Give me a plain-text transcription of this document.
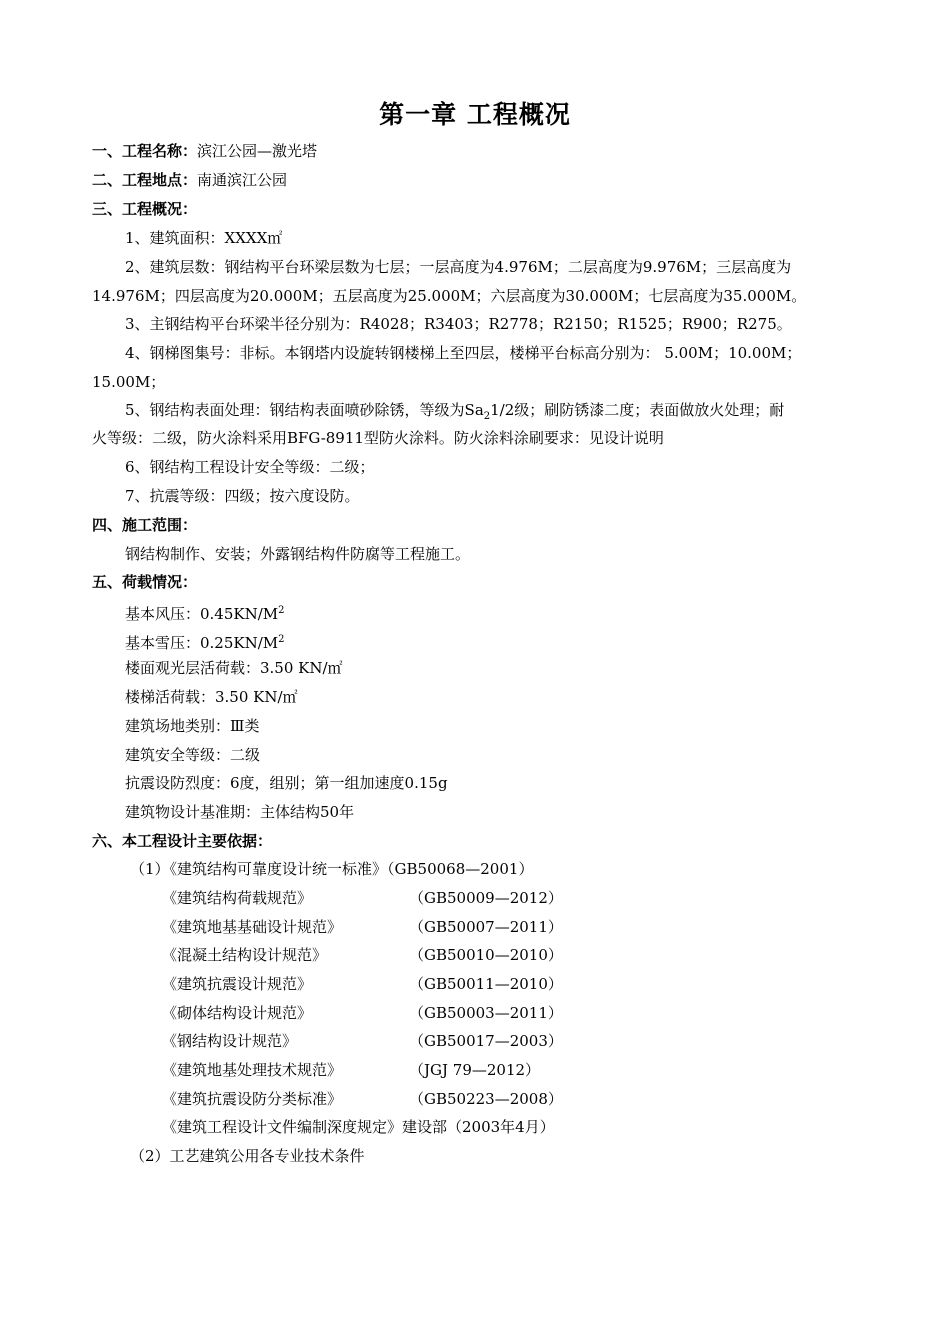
第一章 工程概况
一、工程名称：滨江公园—激光塔
二、工程地点：南通滨江公园
三、工程概况：
1、建筑面积：XXXX㎡
2、建筑层数：钢结构平台环梁层数为七层；一层高度为4.976M；二层高度为9.976M；三层高度为
14.976M；四层高度为20.000M；五层高度为25.000M；六层高度为30.000M；七层高度为35.000M。
3、主钢结构平台环梁半径分别为：R4028；R3403；R2778；R2150；R1525；R900；R275。
4、钢梯图集号：非标。本钢塔内设旋转钢楼梯上至四层，楼梯平台标高分别为： 5.00M；10.00M；
15.00M；
5、钢结构表面处理：钢结构表面喷砂除锈，等级为$Sa_21/2$级；刷防锈漆二度；表面做放火处理；耐
火等级：二级，防火涂料采用BFG-8911型防火涂料。防火涂料涂刷要求：见设计说明
6、钢结构工程设计安全等级：二级；
7、抗震等级：四级；按六度设防。
四、施工范围：
钢结构制作、安装；外露钢结构件防腐等工程施工。
五、荷载情况：
基本风压：$0.45KN/M^2$
基本雪压：$0.25KN/M^2$
楼面观光层活荷载：3.50 KN/㎡
楼梯活荷载：3.50 KN/㎡
建筑场地类别：Ⅲ类
建筑安全等级：二级
抗震设防烈度：6度，组别；第一组加速度0.15g
建筑物设计基准期：主体结构50年
六、本工程设计主要依据：
（1）《建筑结构可靠度设计统一标准》（GB50068—2001）
《建筑结构荷载规范》	（GB50009—2012）
《建筑地基基础设计规范》	（GB50007—2011）
《混凝土结构设计规范》	（GB50010—2010）
《建筑抗震设计规范》	（GB50011—2010）
《砌体结构设计规范》	（GB50003—2011）
《钢结构设计规范》	（GB50017—2003）
《建筑地基处理技术规范》	（JGJ 79—2012）
《建筑抗震设防分类标准》	（GB50223—2008）
《建筑工程设计文件编制深度规定》建设部（2003年4月）
（2）工艺建筑公用各专业技术条件
